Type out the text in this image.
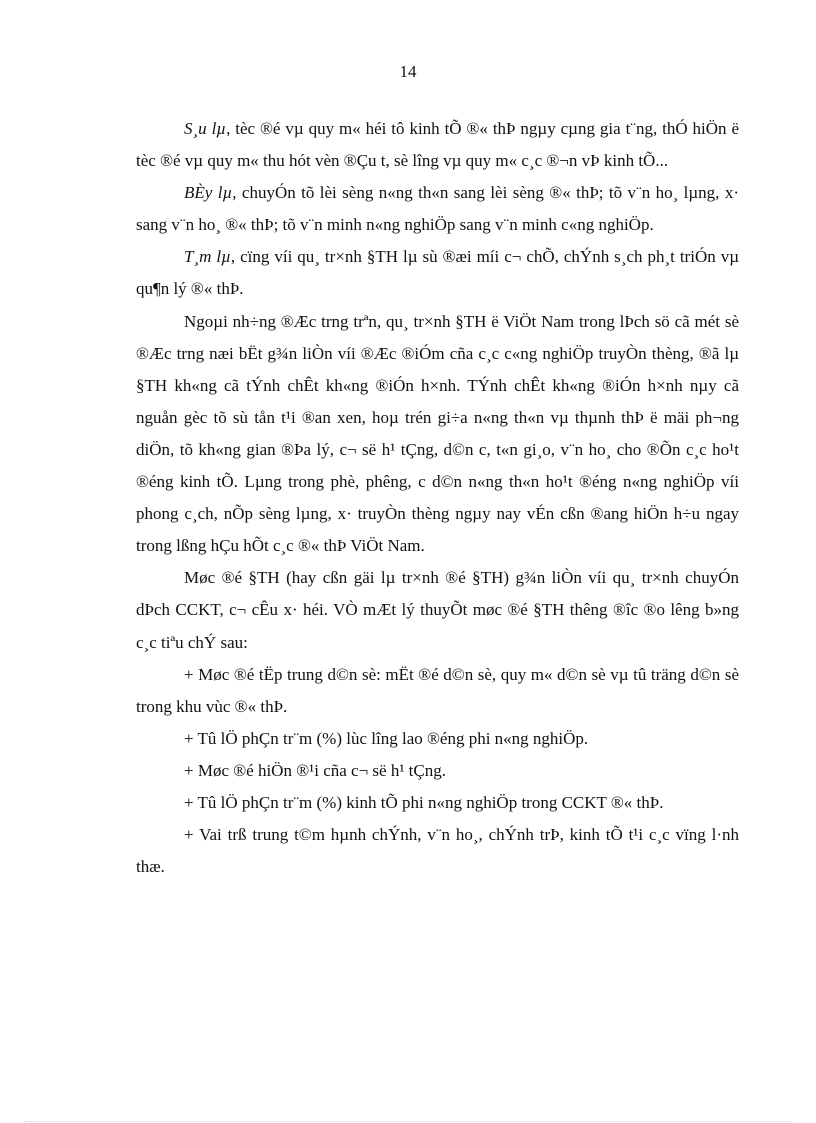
14

S¸u lµ, tèc ®é vµ quy m« héi tô kinh tÕ ®« thÞ ngµy cµng gia t¨ng, thÓ hiÖn ë tèc ®é vµ quy m« thu hót vèn ®Çu t, sè lîng vµ quy m« c¸c ®¬n vÞ kinh tÕ...

BÈy lµ, chuyÓn tõ lèi sèng n«ng th«n sang lèi sèng ®« thÞ; tõ v¨n ho¸ lµng, x· sang v¨n ho¸ ®« thÞ; tõ v¨n minh n«ng nghiÖp sang v¨n minh c«ng nghiÖp.

T¸m lµ, cïng víi qu¸ tr×nh §TH lµ sù ®æi míi c¬ chÕ, chÝnh s¸ch ph¸t triÓn vµ qu¶n lý ®« thÞ.

Ngoµi nh÷ng ®Æc trng trªn, qu¸ tr×nh §TH ë ViÖt Nam trong lÞch sö cã mét sè ®Æc trng næi bËt g¾n liÒn víi ®Æc ®iÓm cña c¸c c«ng nghiÖp truyÒn thèng, ®ã lµ §TH kh«ng cã tÝnh chÊt kh«ng ®iÓn h×nh. TÝnh chÊt kh«ng ®iÓn h×nh nµy cã nguån gèc tõ sù tån t¹i ®an xen, hoµ trén gi÷a n«ng th«n vµ thµnh thÞ ë mäi ph¬ng diÖn, tõ kh«ng gian ®Þa lý, c¬ së h¹ tÇng, d©n c, t«n gi¸o, v¨n ho¸ cho ®Õn c¸c ho¹t ®éng kinh tÕ. Lµng trong phè, phêng, c d©n n«ng th«n ho¹t ®éng n«ng nghiÖp víi phong c¸ch, nÕp sèng lµng, x· truyÒn thèng ngµy nay vÉn cßn ®ang hiÖn h÷u ngay trong lßng hÇu hÕt c¸c ®« thÞ ViÖt Nam.

Møc ®é §TH (hay cßn gäi lµ tr×nh ®é §TH) g¾n liÒn víi qu¸ tr×nh chuyÓn dÞch CCKT, c¬ cÊu x· héi. VÒ mÆt lý thuyÕt møc ®é §TH thêng ®îc ®o lêng b»ng c¸c tiªu chÝ sau:

+ Møc ®é tËp trung d©n sè: mËt ®é d©n sè, quy m« d©n sè vµ tû träng d©n sè trong khu vùc ®« thÞ.

+ Tû lÖ phÇn tr¨m (%) lùc lîng lao ®éng phi n«ng nghiÖp.

+ Møc ®é hiÖn ®¹i cña c¬ së h¹ tÇng.

+ Tû lÖ phÇn tr¨m (%) kinh tÕ phi n«ng nghiÖp trong CCKT ®« thÞ.

+ Vai trß trung t©m hµnh chÝnh, v¨n ho¸, chÝnh trÞ, kinh tÕ t¹i c¸c vïng l·nh thæ.
